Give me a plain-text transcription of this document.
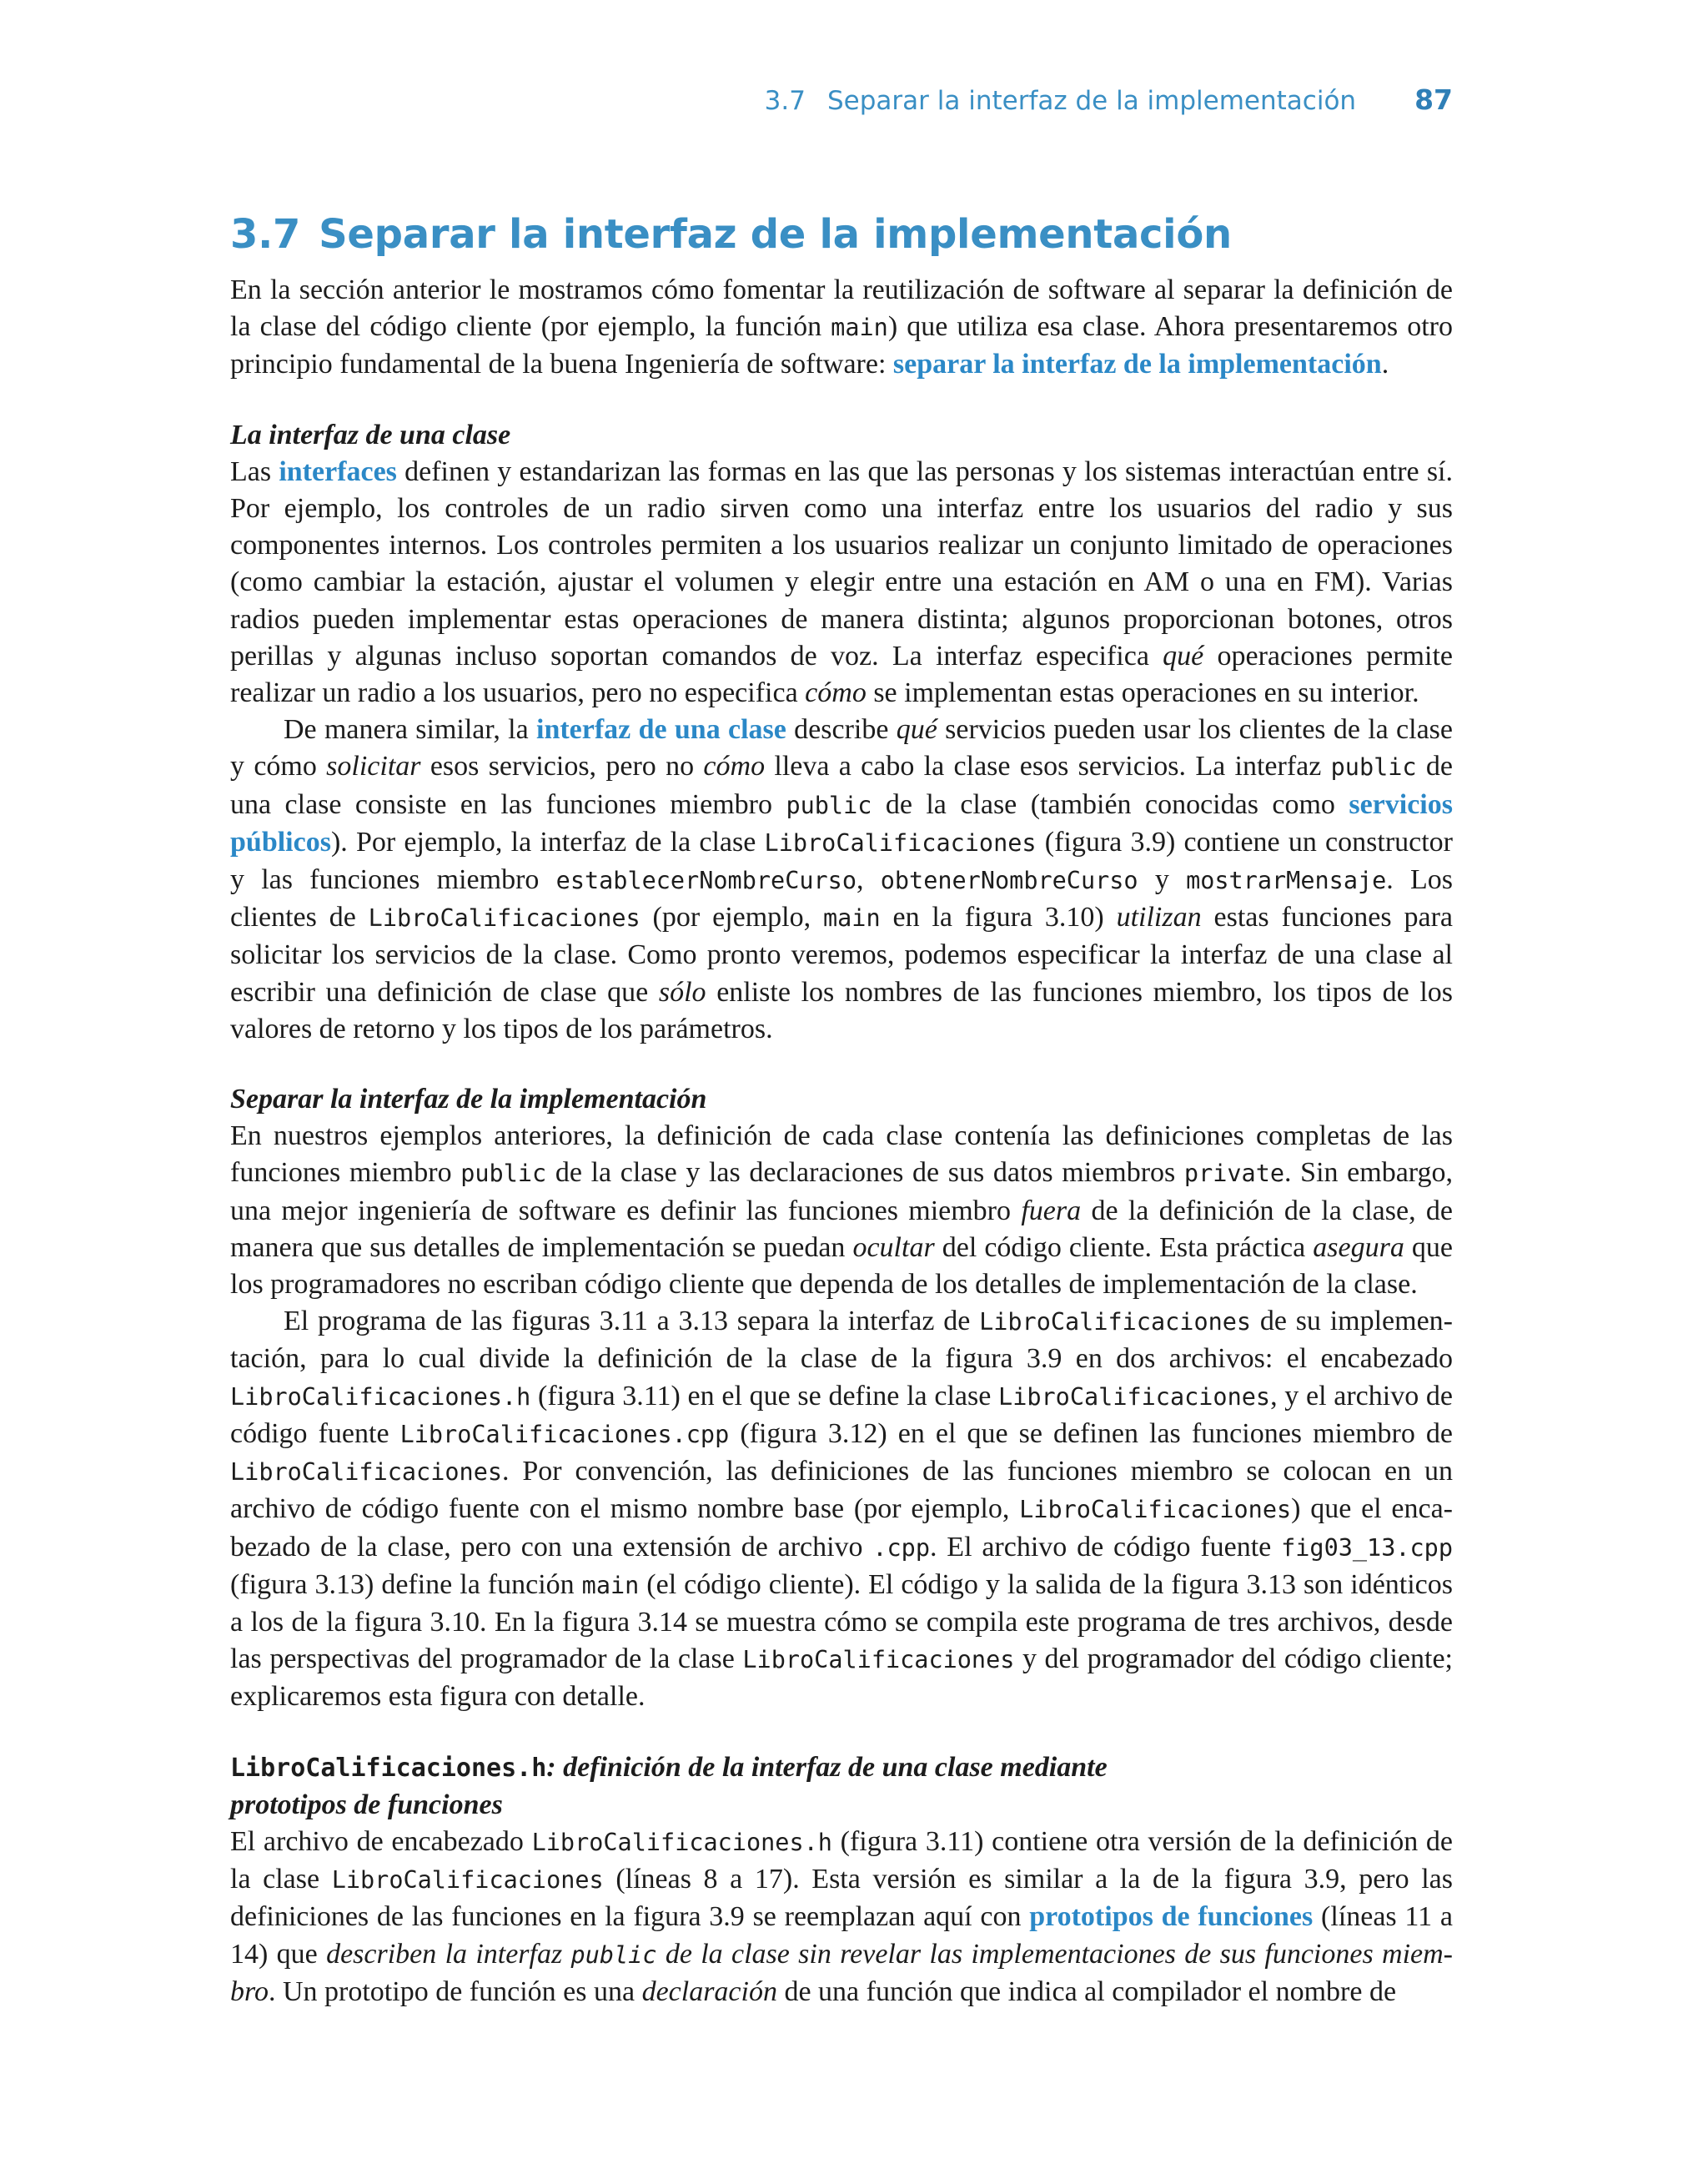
3.7 Separar la interfaz de la implementación 87
3.7 Separar la interfaz de la implementación

En la sección anterior le mostramos cómo fomentar la reutilización de software al separar la definición de la clase del código cliente (por ejemplo, la función main) que utiliza esa clase. Ahora presentaremos otro principio fundamental de la buena Ingeniería de software: separar la interfaz de la implementación.

La interfaz de una clase

Las interfaces definen y estandarizan las formas en las que las personas y los sistemas interactúan entre sí. Por ejemplo, los controles de un radio sirven como una interfaz entre los usuarios del radio y sus componentes internos. Los controles permiten a los usuarios realizar un conjunto limitado de operaciones (como cambiar la estación, ajustar el volumen y elegir entre una estación en AM o una en FM). Varias radios pueden implementar estas operaciones de manera distinta; algunos proporcionan botones, otros perillas y algunas incluso soportan comandos de voz. La interfaz especifica qué operaciones permite realizar un radio a los usuarios, pero no especifica cómo se implementan estas operaciones en su interior.

De manera similar, la interfaz de una clase describe qué servicios pueden usar los clientes de la clase y cómo solicitar esos servicios, pero no cómo lleva a cabo la clase esos servicios. La interfaz public de una clase consiste en las funciones miembro public de la clase (también conocidas como servicios públicos). Por ejemplo, la interfaz de la clase LibroCalificaciones (figura 3.9) contiene un constructor y las funciones miembro establecerNombreCurso, obtenerNombreCurso y mostrarMensaje. Los clientes de LibroCalificaciones (por ejemplo, main en la figura 3.10) utilizan estas funciones para solicitar los servicios de la clase. Como pronto veremos, podemos especificar la interfaz de una clase al escribir una definición de clase que sólo enliste los nombres de las funciones miembro, los tipos de los valores de retorno y los tipos de los parámetros.

Separar la interfaz de la implementación

En nuestros ejemplos anteriores, la definición de cada clase contenía las definiciones completas de las funciones miembro public de la clase y las declaraciones de sus datos miembros private. Sin embargo, una mejor ingeniería de software es definir las funciones miembro fuera de la definición de la clase, de manera que sus detalles de implementación se puedan ocultar del código cliente. Esta práctica asegura que los programadores no escriban código cliente que dependa de los detalles de implementación de la clase.

El programa de las figuras 3.11 a 3.13 separa la interfaz de LibroCalificaciones de su implementación, para lo cual divide la definición de la clase de la figura 3.9 en dos archivos: el encabezado LibroCalificaciones.h (figura 3.11) en el que se define la clase LibroCalificaciones, y el archivo de código fuente LibroCalificaciones.cpp (figura 3.12) en el que se definen las funciones miembro de LibroCalificaciones. Por convención, las definiciones de las funciones miembro se colocan en un archivo de código fuente con el mismo nombre base (por ejemplo, LibroCalificaciones) que el encabezado de la clase, pero con una extensión de archivo .cpp. El archivo de código fuente fig03_13.cpp (figura 3.13) define la función main (el código cliente). El código y la salida de la figura 3.13 son idénticos a los de la figura 3.10. En la figura 3.14 se muestra cómo se compila este programa de tres archivos, desde las perspectivas del programador de la clase LibroCalificaciones y del programador del código cliente; explicaremos esta figura con detalle.

LibroCalificaciones.h: definición de la interfaz de una clase mediante
prototipos de funciones

El archivo de encabezado LibroCalificaciones.h (figura 3.11) contiene otra versión de la definición de la clase LibroCalificaciones (líneas 8 a 17). Esta versión es similar a la de la figura 3.9, pero las definiciones de las funciones en la figura 3.9 se reemplazan aquí con prototipos de funciones (líneas 11 a 14) que describen la interfaz public de la clase sin revelar las implementaciones de sus funciones miembro. Un prototipo de función es una declaración de una función que indica al compilador el nombre de
